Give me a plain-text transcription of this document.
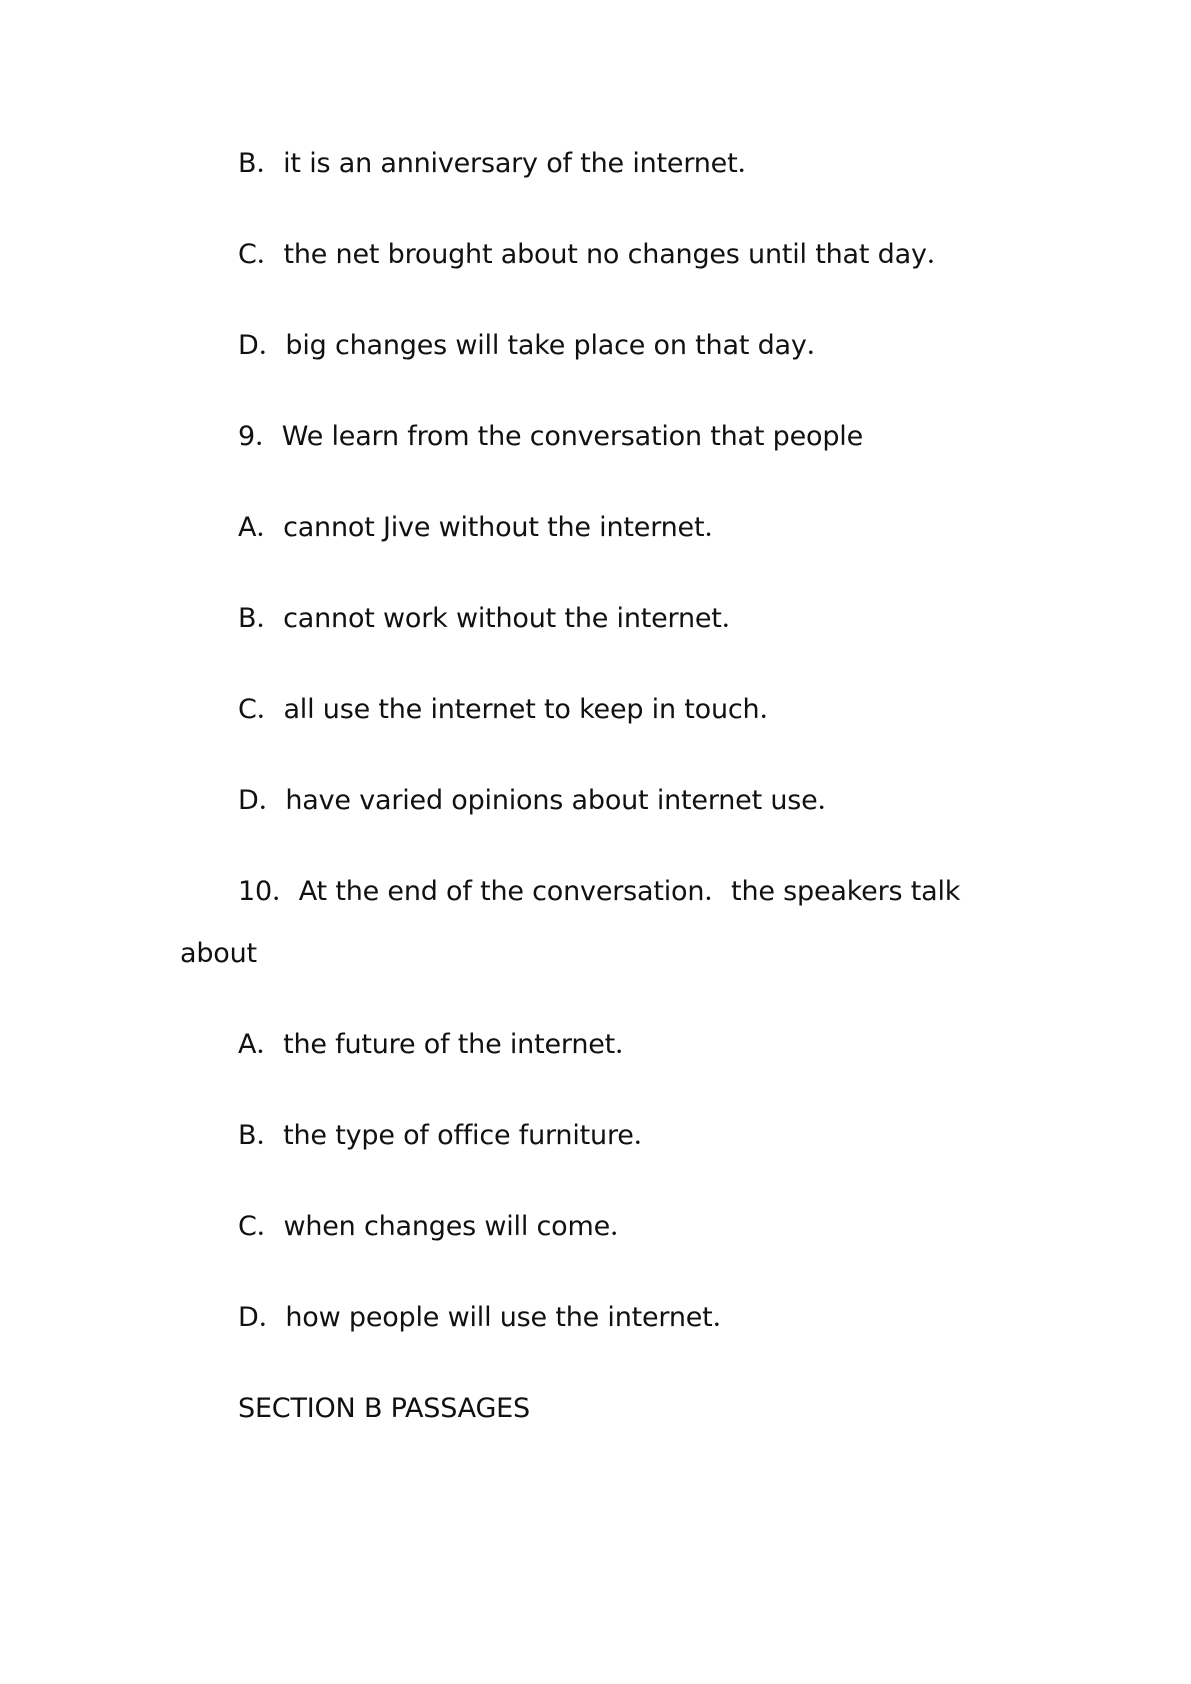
B．it is an anniversary of the internet．
C．the net brought about no changes until that day．
D．big changes will take place on that day．
9．We learn from the conversation that people
A．cannot Jive without the internet．
B．cannot work without the internet．
C．all use the internet to keep in touch．
D．have varied opinions about internet use．
10．At the end of the conversation．the speakers talk
about
A．the future of the internet．
B．the type of office furniture．
C．when changes will come．
D．how people will use the internet．
SECTION B PASSAGES
